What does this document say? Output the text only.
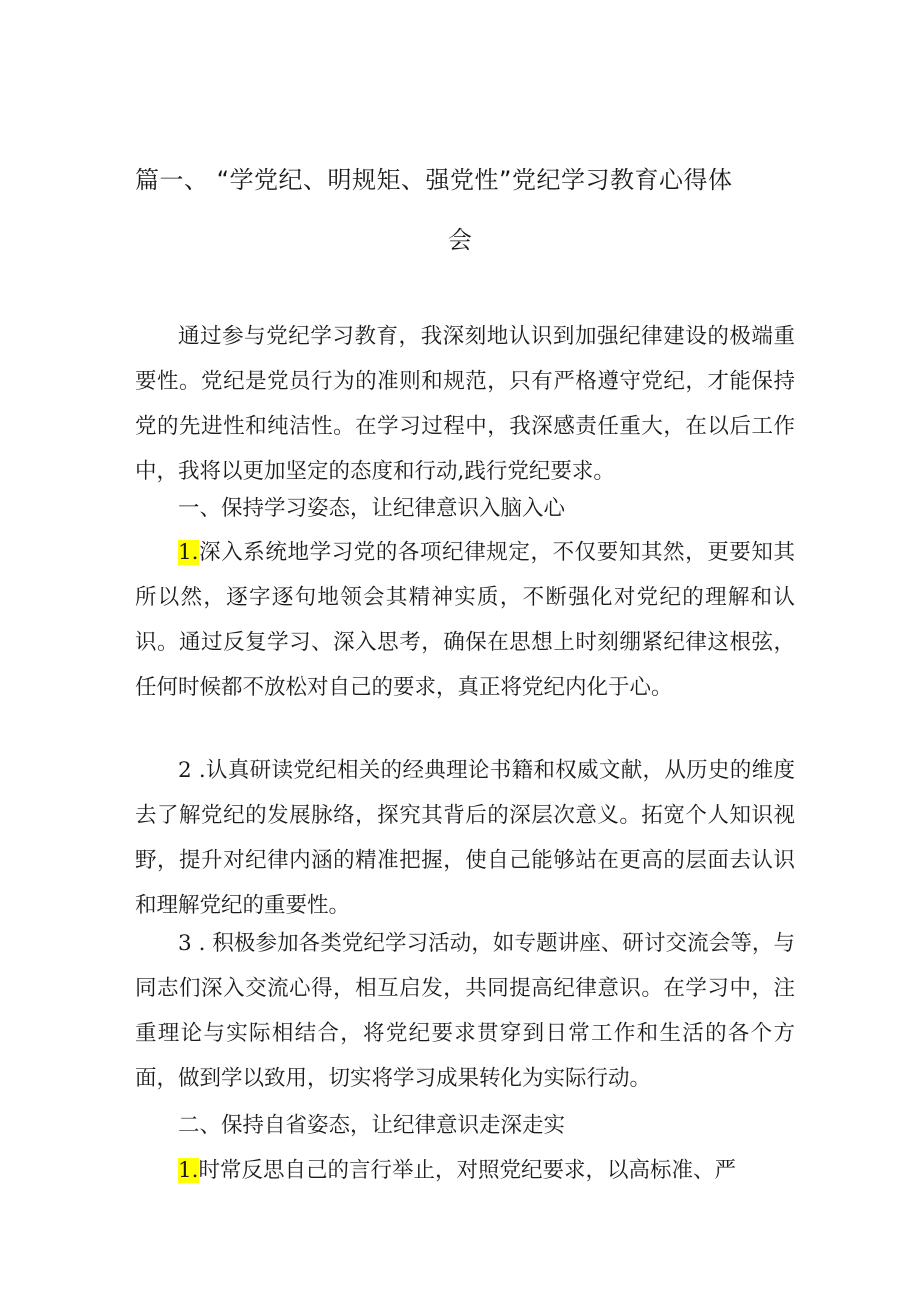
篇一、 “学党纪、明规矩、强党性”党纪学习教育心得体
会

通过参与党纪学习教育，我深刻地认识到加强纪律建设的极端重要性。党纪是党员行为的准则和规范，只有严格遵守党纪，才能保持党的先进性和纯洁性。在学习过程中，我深感责任重大，在以后工作中，我将以更加坚定的态度和行动,践行党纪要求。

一、保持学习姿态，让纪律意识入脑入心

1.深入系统地学习党的各项纪律规定，不仅要知其然，更要知其所以然，逐字逐句地领会其精神实质，不断强化对党纪的理解和认识。通过反复学习、深入思考，确保在思想上时刻绷紧纪律这根弦，任何时候都不放松对自己的要求，真正将党纪内化于心。

2 .认真研读党纪相关的经典理论书籍和权威文献，从历史的维度去了解党纪的发展脉络，探究其背后的深层次意义。拓宽个人知识视野，提升对纪律内涵的精准把握，使自己能够站在更高的层面去认识和理解党纪的重要性。

3 . 积极参加各类党纪学习活动，如专题讲座、研讨交流会等，与同志们深入交流心得，相互启发，共同提高纪律意识。在学习中，注重理论与实际相结合，将党纪要求贯穿到日常工作和生活的各个方面，做到学以致用，切实将学习成果转化为实际行动。

二、保持自省姿态，让纪律意识走深走实

1.时常反思自己的言行举止，对照党纪要求，以高标准、严
